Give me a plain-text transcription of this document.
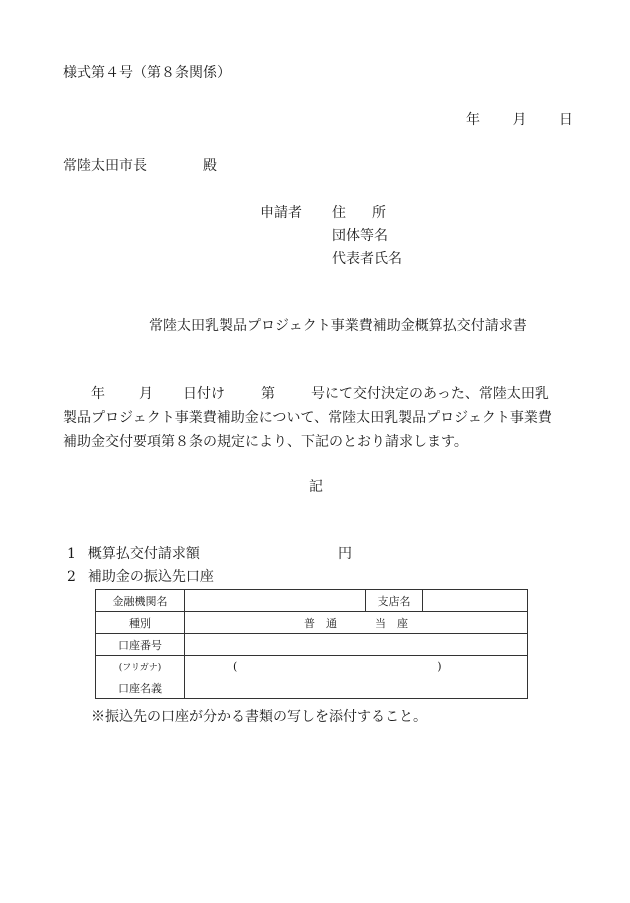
様式第４号（第８条関係）
年 月 日
常陸太田市長	殿
申請者 住 所
団体等名
代表者氏名
常陸太田乳製品プロジェクト事業費補助金概算払交付請求書
年 月 日付け	第	号にて交付決定のあった、常陸太田乳
製品プロジェクト事業費補助金について、常陸太田乳製品プロジェクト事業費
補助金交付要項第８条の規定により、下記のとおり請求します。
記
1 概算払交付請求額	円
2 補助金の振込先口座
金融機関名		支店名	
種別	普　通 当　座		
口座番号			
(フリガナ)	( )		
口座名義			
※振込先の口座が分かる書類の写しを添付すること。
